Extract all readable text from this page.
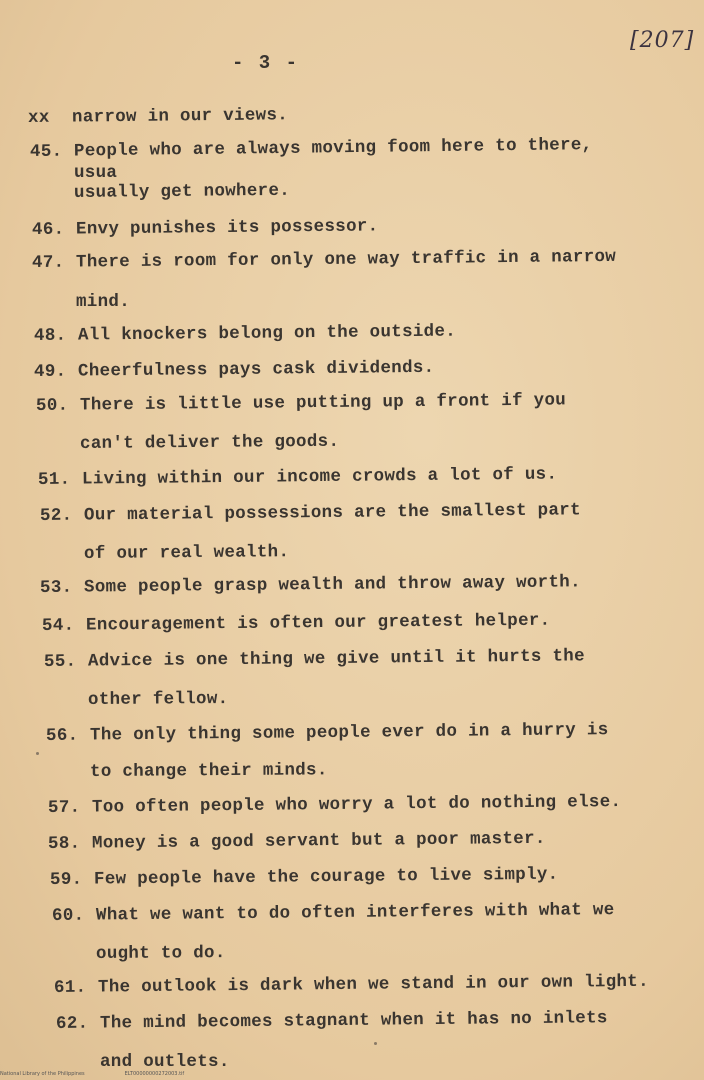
- 3 -
[207]
xx narrow in our views.
45. People who are always moving foom here to there,
usua
usually get nowhere.
46. Envy punishes its possessor.
47. There is room for only one way traffic in a narrow
mind.
48. All knockers belong on the outside.
49. Cheerfulness pays cask dividends.
50. There is little use putting up a front if you
can't deliver the goods.
51. Living within our income crowds a lot of us.
52. Our material possessions are the smallest part
of our real wealth.
53. Some people grasp wealth and throw away worth.
54. Encouragement is often our greatest helper.
55. Advice is one thing we give until it hurts the
other fellow.
56. The only thing some people ever do in a hurry is
to change their minds.
57. Too often people who worry a lot do nothing else.
58. Money is a good servant but a poor master.
59. Few people have the courage to live simply.
60. What we want to do often interferes with what we
ought to do.
61. The outlook is dark when we stand in our own light.
62. The mind becomes stagnant when it has no inlets
and outlets.
National Library of the Philippines	ELT00000000272003.tif
